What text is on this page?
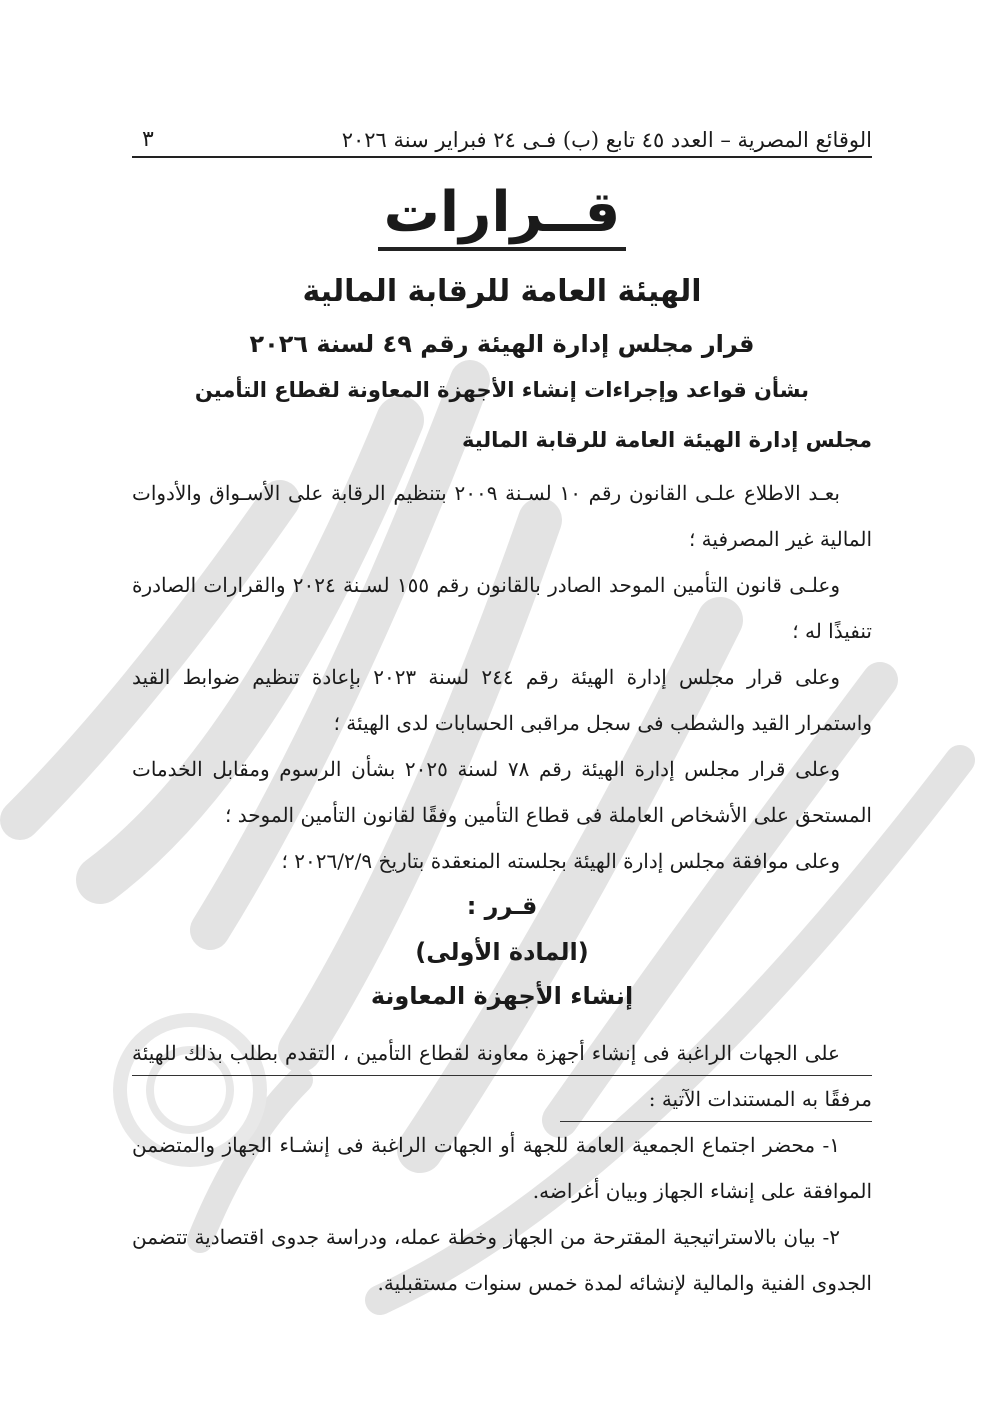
الوقائع المصرية – العدد ٤٥ تابع (ب) فـى ٢٤ فبراير سنة ٢٠٢٦
٣
قــرارات
الهيئة العامة للرقابة المالية
قرار مجلس إدارة الهيئة رقم ٤٩ لسنة ٢٠٢٦
بشأن قواعد وإجراءات إنشاء الأجهزة المعاونة لقطاع التأمين
مجلس إدارة الهيئة العامة للرقابة المالية

بعـد الاطلاع علـى القانون رقم ١٠ لسـنة ٢٠٠٩ بتنظيم الرقابة على الأسـواق والأدوات المالية غير المصرفية ؛

وعلـى قانون التأمين الموحد الصادر بالقانون رقم ١٥٥ لسـنة ٢٠٢٤ والقرارات الصادرة تنفيذًا له ؛

وعلى قرار مجلس إدارة الهيئة رقم ٢٤٤ لسنة ٢٠٢٣ بإعادة تنظيم ضوابط القيد واستمرار القيد والشطب فى سجل مراقبى الحسابات لدى الهيئة ؛

وعلى قرار مجلس إدارة الهيئة رقم ٧٨ لسنة ٢٠٢٥ بشأن الرسوم ومقابل الخدمات المستحق على الأشخاص العاملة فى قطاع التأمين وفقًا لقانون التأمين الموحد ؛

وعلى موافقة مجلس إدارة الهيئة بجلسته المنعقدة بتاريخ ٢٠٢٦/٢/٩ ؛

قـرر :
(المادة الأولى)
إنشاء الأجهزة المعاونة

على الجهات الراغبة فى إنشاء أجهزة معاونة لقطاع التأمين ، التقدم بطلب بذلك للهيئة مرفقًا به المستندات الآتية :

١- محضر اجتماع الجمعية العامة للجهة أو الجهات الراغبة فى إنشـاء الجهاز والمتضمن الموافقة على إنشاء الجهاز وبيان أغراضه.

٢- بيان بالاستراتيجية المقترحة من الجهاز وخطة عمله، ودراسة جدوى اقتصادية تتضمن الجدوى الفنية والمالية لإنشائه لمدة خمس سنوات مستقبلية.
